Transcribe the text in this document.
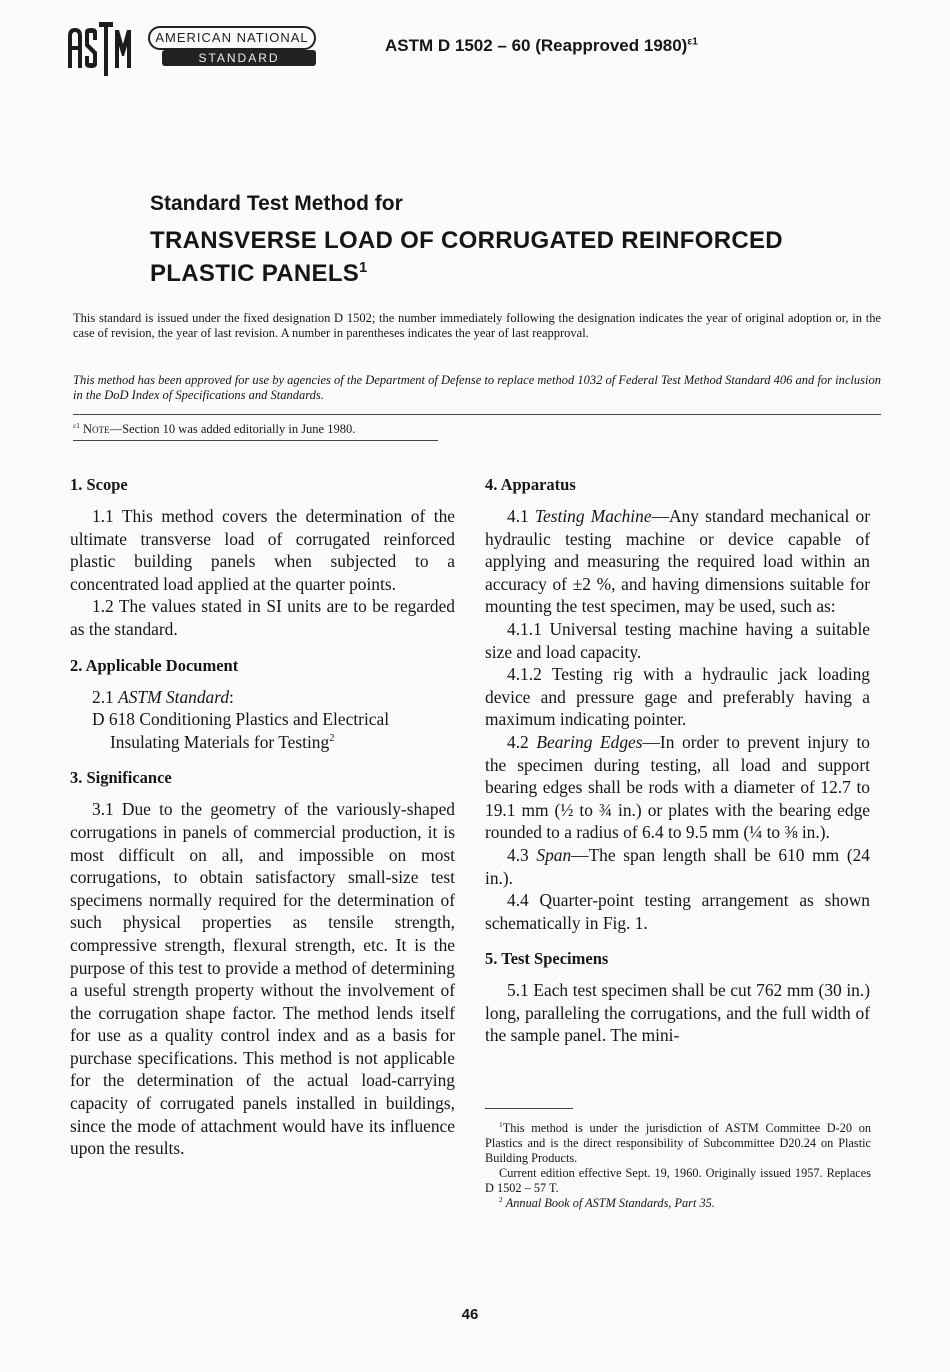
AMERICAN NATIONAL
STANDARD
ASTM D 1502 – 60 (Reapproved 1980)$^{\varepsilon 1}$
Standard Test Method for
TRANSVERSE LOAD OF CORRUGATED REINFORCED PLASTIC PANELS$^1$
This standard is issued under the fixed designation D 1502; the number immediately following the designation indicates the year of original adoption or, in the case of revision, the year of last revision. A number in parentheses indicates the year of last reapproval.
This method has been approved for use by agencies of the Department of Defense to replace method 1032 of Federal Test Method Standard 406 and for inclusion in the DoD Index of Specifications and Standards.
$^{\varepsilon 1}$ Note—Section 10 was added editorially in June 1980.
1. Scope

1.1 This method covers the determination of the ultimate transverse load of corrugated reinforced plastic building panels when subjected to a concentrated load applied at the quarter points.

1.2 The values stated in SI units are to be regarded as the standard.

2. Applicable Document

2.1 ASTM Standard:

D 618 Conditioning Plastics and Electrical Insulating Materials for Testing$^2$

3. Significance

3.1 Due to the geometry of the variously-shaped corrugations in panels of commercial production, it is most difficult on all, and impossible on most corrugations, to obtain satisfactory small-size test specimens normally required for the determination of such physical properties as tensile strength, compressive strength, flexural strength, etc. It is the purpose of this test to provide a method of determining a useful strength property without the involvement of the corrugation shape factor. The method lends itself for use as a quality control index and as a basis for purchase specifications. This method is not applicable for the determination of the actual load-carrying capacity of corrugated panels installed in buildings, since the mode of attachment would have its influence upon the results.

4. Apparatus

4.1 Testing Machine—Any standard mechanical or hydraulic testing machine or device capable of applying and measuring the required load within an accuracy of ±2 %, and having dimensions suitable for mounting the test specimen, may be used, such as:

4.1.1 Universal testing machine having a suitable size and load capacity.

4.1.2 Testing rig with a hydraulic jack loading device and pressure gage and preferably having a maximum indicating pointer.

4.2 Bearing Edges—In order to prevent injury to the specimen during testing, all load and support bearing edges shall be rods with a diameter of 12.7 to 19.1 mm (½ to ¾ in.) or plates with the bearing edge rounded to a radius of 6.4 to 9.5 mm (¼ to ⅜ in.).

4.3 Span—The span length shall be 610 mm (24 in.).

4.4 Quarter-point testing arrangement as shown schematically in Fig. 1.

5. Test Specimens

5.1 Each test specimen shall be cut 762 mm (30 in.) long, paralleling the corrugations, and the full width of the sample panel. The mini-

$^1$This method is under the jurisdiction of ASTM Committee D-20 on Plastics and is the direct responsibility of Subcommittee D20.24 on Plastic Building Products.

Current edition effective Sept. 19, 1960. Originally issued 1957. Replaces D 1502 – 57 T.

$^2$ Annual Book of ASTM Standards, Part 35.

46
